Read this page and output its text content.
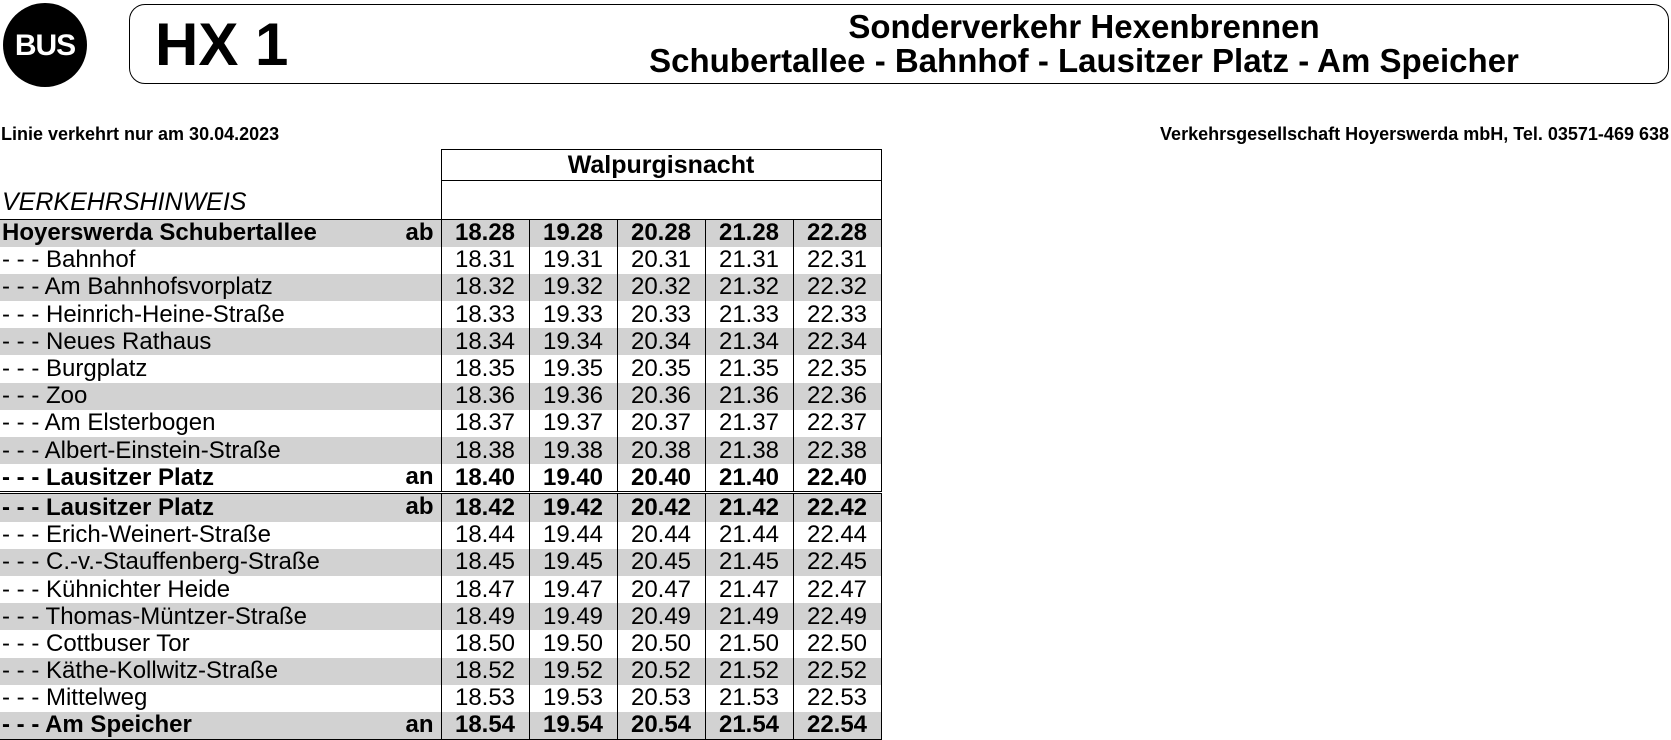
BUS HX 1	Sonderverkehr Hexenbrennen
Schubertallee - Bahnhof - Lausitzer Platz - Am Speicher
Linie verkehrt nur am 30.04.2023	Verkehrsgesellschaft Hoyerswerda mbH, Tel. 03571-469 638
	Walpurgisnacht				
VERKEHRSHINWEIS					
Hoyerswerda Schubertallee ab	18.28	19.28	20.28	21.28	22.28
- - - Bahnhof	18.31	19.31	20.31	21.31	22.31
- - - Am Bahnhofsvorplatz	18.32	19.32	20.32	21.32	22.32
- - - Heinrich-Heine-Straße	18.33	19.33	20.33	21.33	22.33
- - - Neues Rathaus	18.34	19.34	20.34	21.34	22.34
- - - Burgplatz	18.35	19.35	20.35	21.35	22.35
- - - Zoo	18.36	19.36	20.36	21.36	22.36
- - - Am Elsterbogen	18.37	19.37	20.37	21.37	22.37
- - - Albert-Einstein-Straße	18.38	19.38	20.38	21.38	22.38
- - - Lausitzer Platz an	18.40	19.40	20.40	21.40	22.40
- - - Lausitzer Platz ab	18.42	19.42	20.42	21.42	22.42
- - - Erich-Weinert-Straße	18.44	19.44	20.44	21.44	22.44
- - - C.-v.-Stauffenberg-Straße	18.45	19.45	20.45	21.45	22.45
- - - Kühnichter Heide	18.47	19.47	20.47	21.47	22.47
- - - Thomas-Müntzer-Straße	18.49	19.49	20.49	21.49	22.49
- - - Cottbuser Tor	18.50	19.50	20.50	21.50	22.50
- - - Käthe-Kollwitz-Straße	18.52	19.52	20.52	21.52	22.52
- - - Mittelweg	18.53	19.53	20.53	21.53	22.53
- - - Am Speicher an	18.54	19.54	20.54	21.54	22.54
